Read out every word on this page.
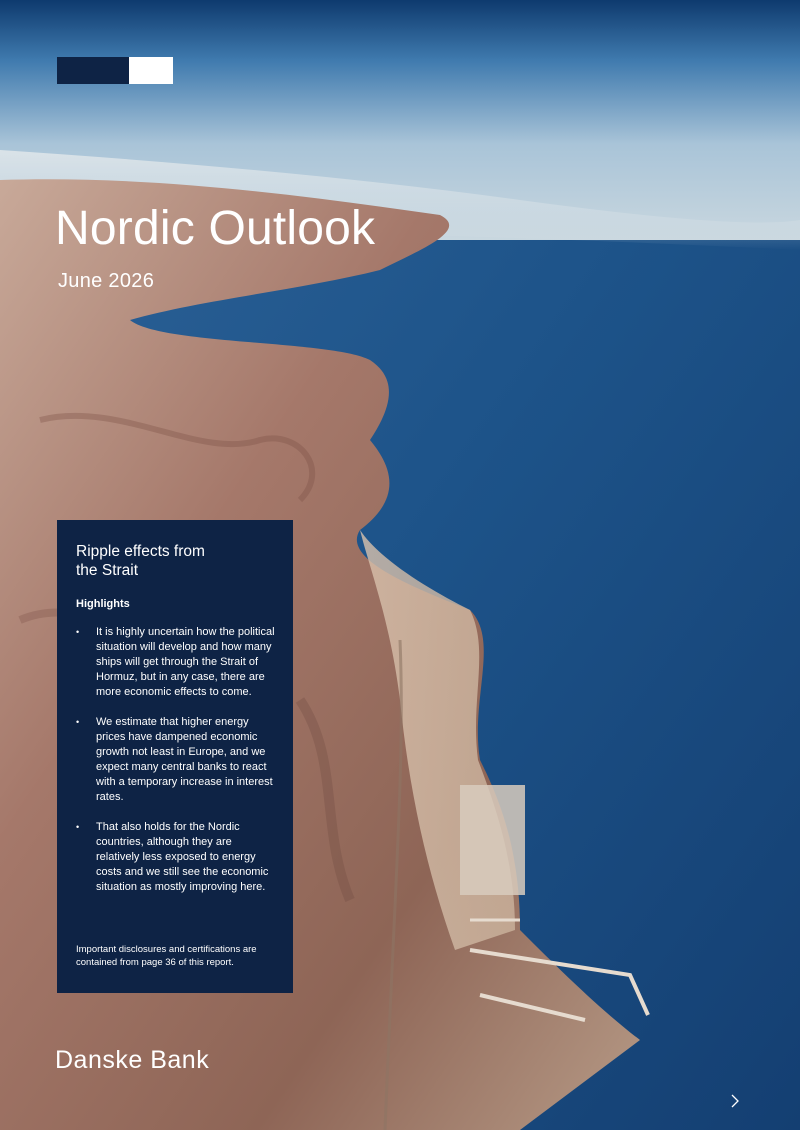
Nordic Outlook
June 2026
Ripple effects from
the Strait
Highlights
• It is highly uncertain how the political situation will develop and how many ships will get through the Strait of Hormuz, but in any case, there are more economic effects to come.
• We estimate that higher energy prices have dampened economic growth not least in Europe, and we expect many central banks to react with a temporary increase in interest rates.
• That also holds for the Nordic countries, although they are relatively less exposed to energy costs and we still see the economic situation as mostly improving here.
Important disclosures and certifications are contained from page 36 of this report.
Danske Bank
